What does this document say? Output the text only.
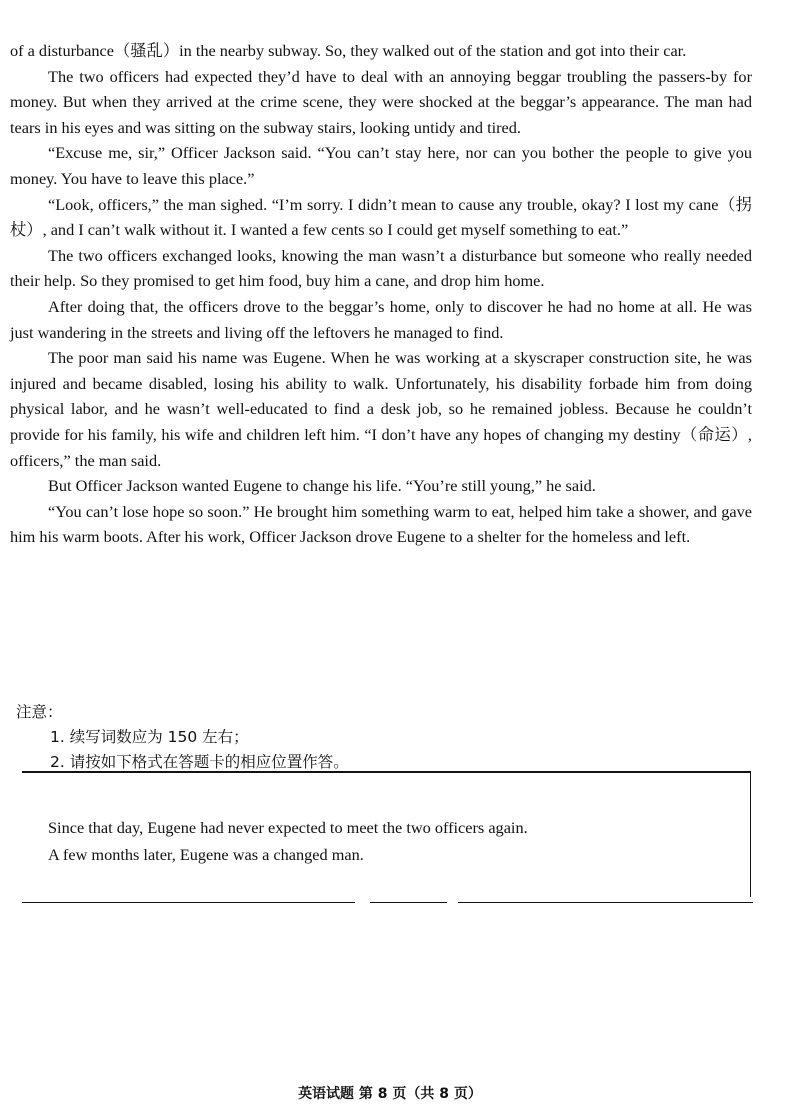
of a disturbance（骚乱）in the nearby subway. So, they walked out of the station and got into their car.

The two officers had expected they’d have to deal with an annoying beggar troubling the passers-by for money. But when they arrived at the crime scene, they were shocked at the beggar’s appearance. The man had tears in his eyes and was sitting on the subway stairs, looking untidy and tired.

“Excuse me, sir,” Officer Jackson said. “You can’t stay here, nor can you bother the people to give you money. You have to leave this place.”

“Look, officers,” the man sighed. “I’m sorry. I didn’t mean to cause any trouble, okay? I lost my cane（拐杖）, and I can’t walk without it. I wanted a few cents so I could get myself something to eat.”

The two officers exchanged looks, knowing the man wasn’t a disturbance but someone who really needed their help. So they promised to get him food, buy him a cane, and drop him home.

After doing that, the officers drove to the beggar’s home, only to discover he had no home at all. He was just wandering in the streets and living off the leftovers he managed to find.

The poor man said his name was Eugene. When he was working at a skyscraper construction site, he was injured and became disabled, losing his ability to walk. Unfortunately, his disability forbade him from doing physical labor, and he wasn’t well-educated to find a desk job, so he remained jobless. Because he couldn’t provide for his family, his wife and children left him. “I don’t have any hopes of changing my destiny（命运）, officers,” the man said.

But Officer Jackson wanted Eugene to change his life. “You’re still young,” he said.

“You can’t lose hope so soon.” He brought him something warm to eat, helped him take a shower, and gave him his warm boots. After his work, Officer Jackson drove Eugene to a shelter for the homeless and left.

注意：
1. 续写词数应为 150 左右；
2. 请按如下格式在答题卡的相应位置作答。
Since that day, Eugene had never expected to meet the two officers again.
A few months later, Eugene was a changed man.
英语试题 第 8 页（共 8 页）
